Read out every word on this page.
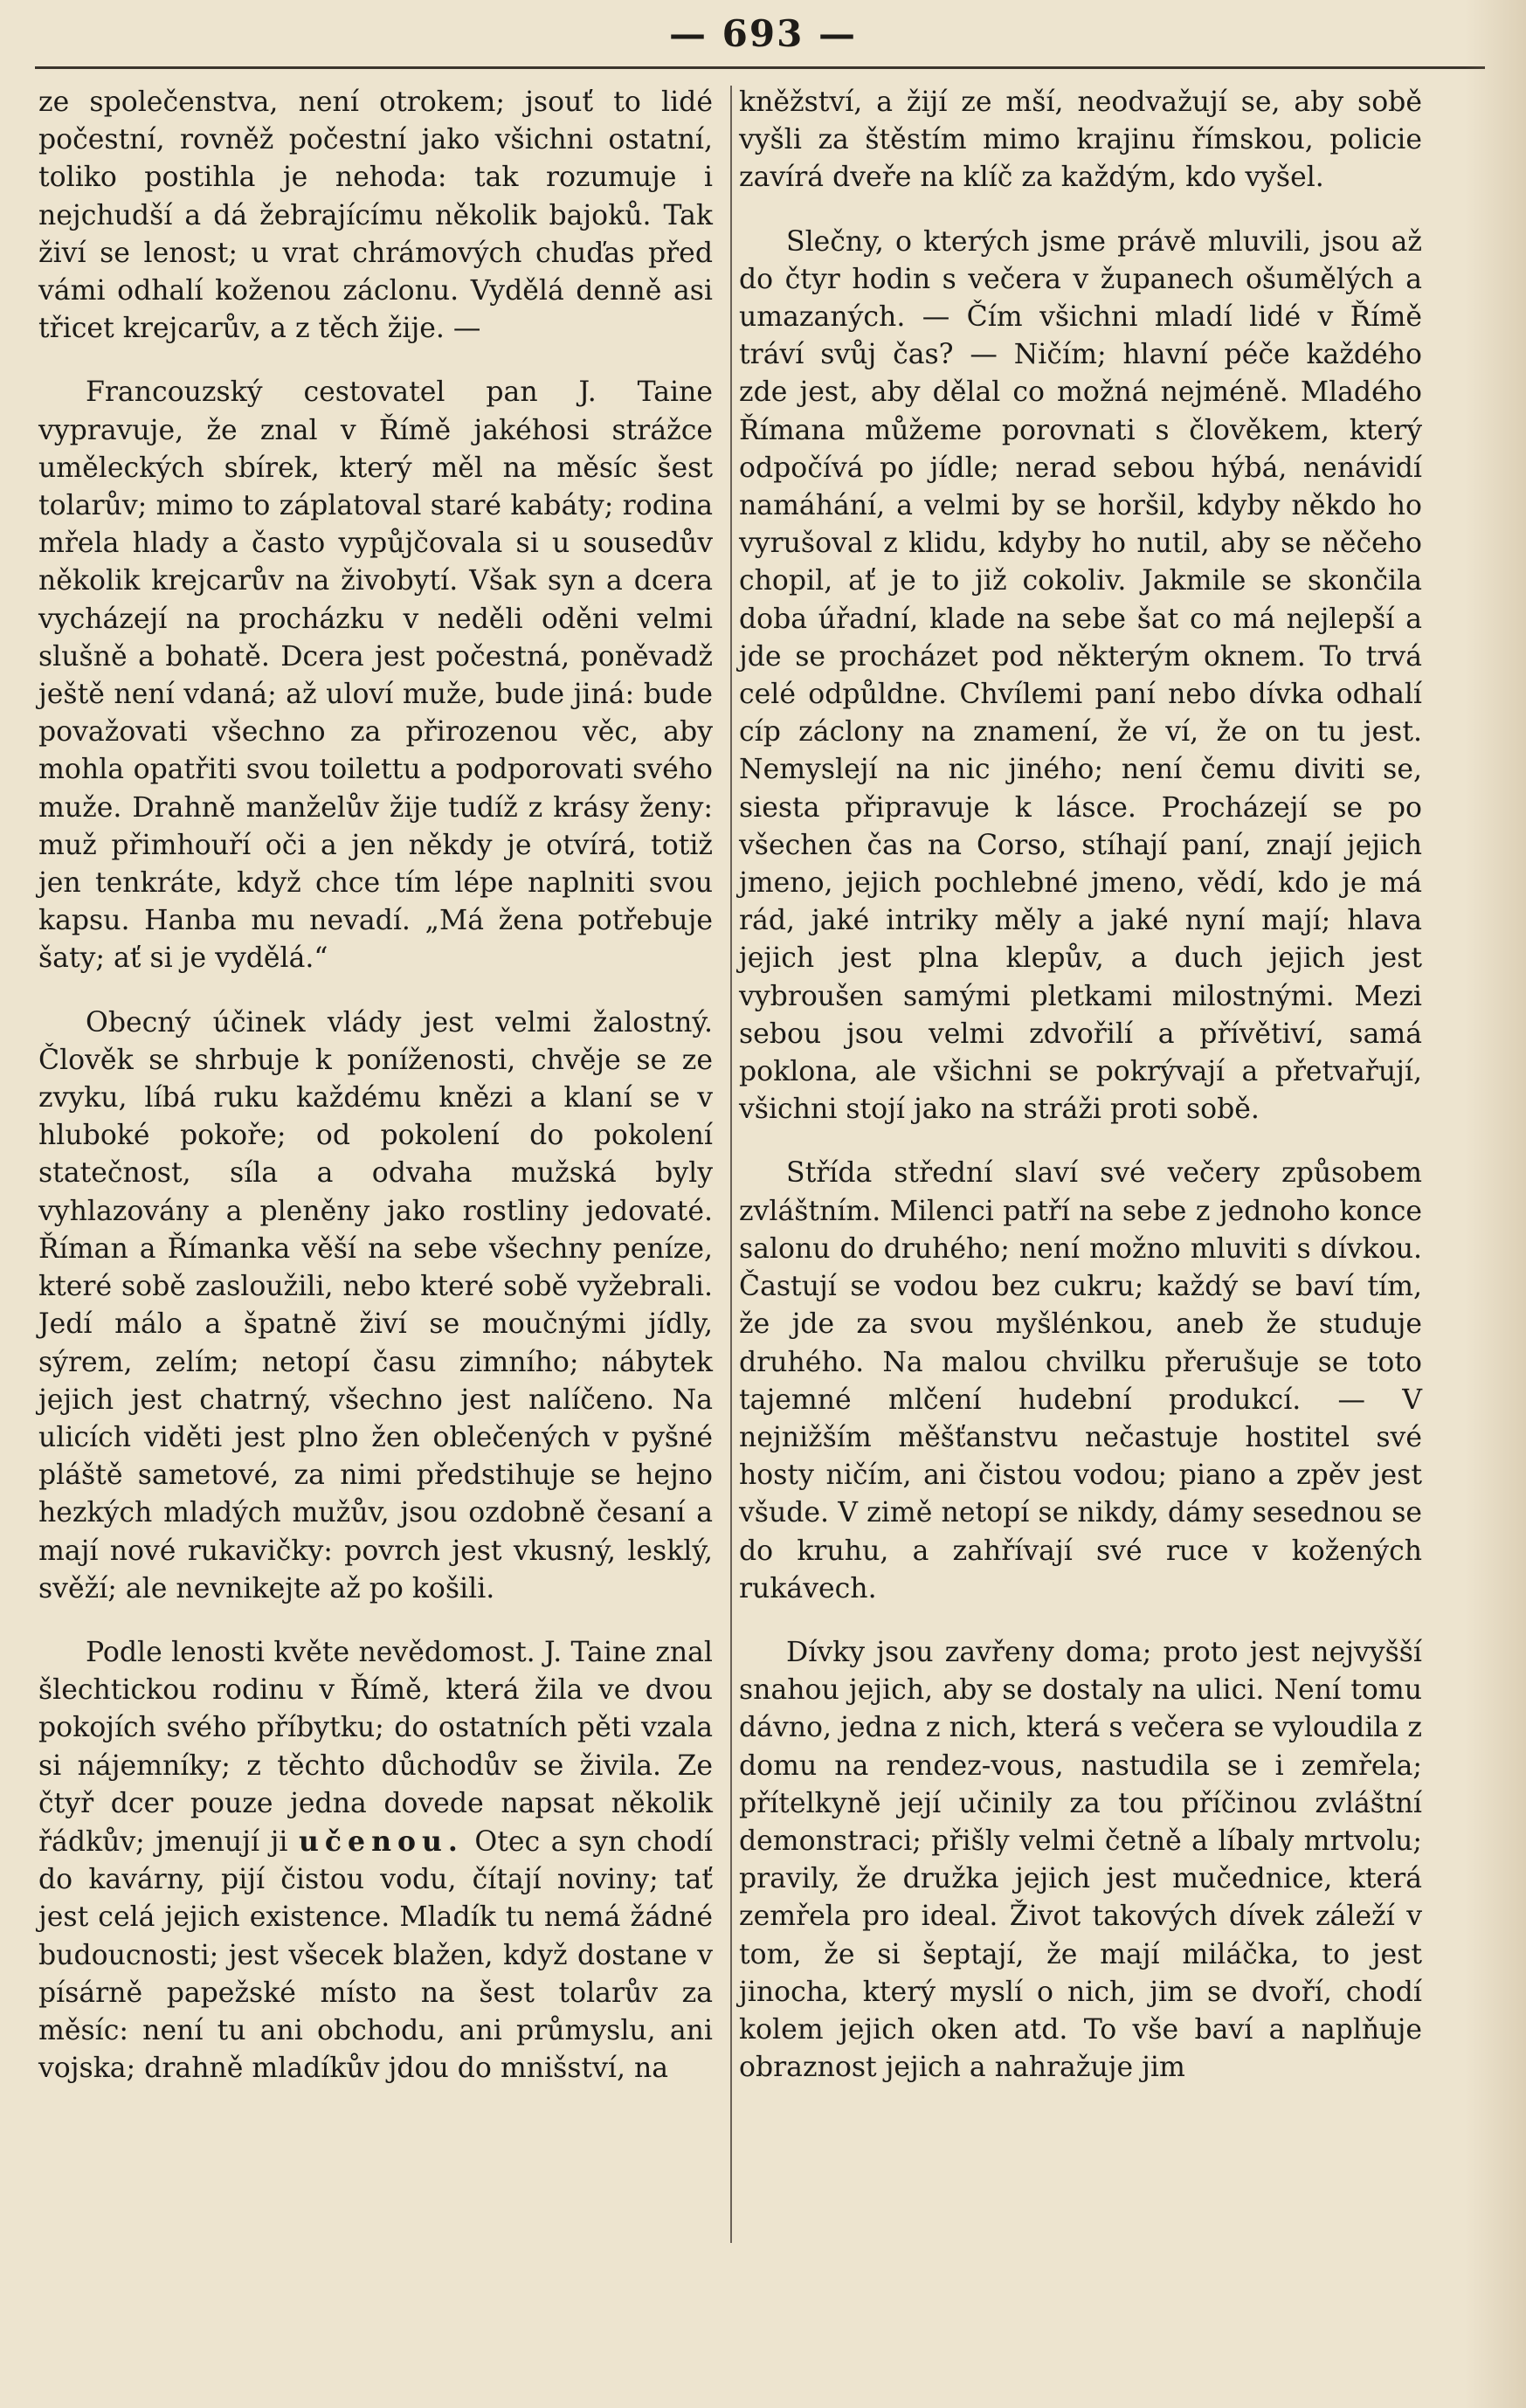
— 693 —

ze společenstva, není otrokem; jsouť to lidé počestní, rovněž počestní jako všichni ostatní, toliko postihla je nehoda: tak rozumuje i nejchudší a dá žebrajícímu několik bajoků. Tak živí se lenost; u vrat chrámových chuďas před vámi odhalí koženou záclonu. Vydělá denně asi třicet krejcarův, a z těch žije. —

Francouzský cestovatel pan J. Taine vypravuje, že znal v Římě jakéhosi strážce uměleckých sbírek, který měl na měsíc šest tolarův; mimo to záplatoval staré kabáty; rodina mřela hlady a často vypůjčovala si u sousedův několik krejcarův na živobytí. Však syn a dcera vycházejí na procházku v neděli oděni velmi slušně a bohatě. Dcera jest počestná, poněvadž ještě není vdaná; až uloví muže, bude jiná: bude považovati všechno za přirozenou věc, aby mohla opatřiti svou toilettu a podporovati svého muže. Drahně manželův žije tudíž z krásy ženy: muž přimhouří oči a jen někdy je otvírá, totiž jen tenkráte, když chce tím lépe naplniti svou kapsu. Hanba mu nevadí. „Má žena potřebuje šaty; ať si je vydělá.“

Obecný účinek vlády jest velmi žalostný. Člověk se shrbuje k poníženosti, chvěje se ze zvyku, líbá ruku každému knězi a klaní se v hluboké pokoře; od pokolení do pokolení statečnost, síla a odvaha mužská byly vyhlazovány a pleněny jako rostliny jedovaté. Říman a Římanka věší na sebe všechny peníze, které sobě zasloužili, nebo které sobě vyžebrali. Jedí málo a špatně živí se moučnými jídly, sýrem, zelím; netopí času zimního; nábytek jejich jest chatrný, všechno jest nalíčeno. Na ulicích viděti jest plno žen oblečených v pyšné pláště sametové, za nimi předstihuje se hejno hezkých mladých mužův, jsou ozdobně česaní a mají nové rukavičky: povrch jest vkusný, lesklý, svěží; ale nevnikejte až po košili.

Podle lenosti květe nevědomost. J. Taine znal šlechtickou rodinu v Římě, která žila ve dvou pokojích svého příbytku; do ostatních pěti vzala si nájemníky; z těchto důchodův se živila. Ze čtyř dcer pouze jedna dovede napsat několik řádkův; jmenují ji učenou. Otec a syn chodí do kavárny, pijí čistou vodu, čítají noviny; tať jest celá jejich existence. Mladík tu nemá žádné budoucnosti; jest všecek blažen, když dostane v písárně papežské místo na šest tolarův za měsíc: není tu ani obchodu, ani průmyslu, ani vojska; drahně mladíkův jdou do mnišství, na

kněžství, a žijí ze mší, neodvažují se, aby sobě vyšli za štěstím mimo krajinu římskou, policie zavírá dveře na klíč za každým, kdo vyšel.

Slečny, o kterých jsme právě mluvili, jsou až do čtyr hodin s večera v županech ošumělých a umazaných. — Čím všichni mladí lidé v Římě tráví svůj čas? — Ničím; hlavní péče každého zde jest, aby dělal co možná nejméně. Mladého Římana můžeme porovnati s člověkem, který odpočívá po jídle; nerad sebou hýbá, nenávidí namáhání, a velmi by se horšil, kdyby někdo ho vyrušoval z klidu, kdyby ho nutil, aby se něčeho chopil, ať je to již cokoliv. Jakmile se skončila doba úřadní, klade na sebe šat co má nejlepší a jde se procházet pod některým oknem. To trvá celé odpůldne. Chvílemi paní nebo dívka odhalí cíp záclony na znamení, že ví, že on tu jest. Nemyslejí na nic jiného; není čemu diviti se, siesta připravuje k lásce. Procházejí se po všechen čas na Corso, stíhají paní, znají jejich jmeno, jejich pochlebné jmeno, vědí, kdo je má rád, jaké intriky měly a jaké nyní mají; hlava jejich jest plna klepův, a duch jejich jest vybroušen samými pletkami milostnými. Mezi sebou jsou velmi zdvořilí a přívětiví, samá poklona, ale všichni se pokrývají a přetvařují, všichni stojí jako na stráži proti sobě.

Střída střední slaví své večery způsobem zvláštním. Milenci patří na sebe z jednoho konce salonu do druhého; není možno mluviti s dívkou. Častují se vodou bez cukru; každý se baví tím, že jde za svou myšlénkou, aneb že studuje druhého. Na malou chvilku přerušuje se toto tajemné mlčení hudební produkcí. — V nejnižším měšťanstvu nečastuje hostitel své hosty ničím, ani čistou vodou; piano a zpěv jest všude. V zimě netopí se nikdy, dámy sesednou se do kruhu, a zahřívají své ruce v kožených rukávech.

Dívky jsou zavřeny doma; proto jest nejvyšší snahou jejich, aby se dostaly na ulici. Není tomu dávno, jedna z nich, která s večera se vyloudila z domu na rendez-vous, nastudila se i zemřela; přítelkyně její učinily za tou příčinou zvláštní demonstraci; přišly velmi četně a líbaly mrtvolu; pravily, že družka jejich jest mučednice, která zemřela pro ideal. Život takových dívek záleží v tom, že si šeptají, že mají miláčka, to jest jinocha, který myslí o nich, jim se dvoří, chodí kolem jejich oken atd. To vše baví a naplňuje obraznost jejich a nahražuje jim
